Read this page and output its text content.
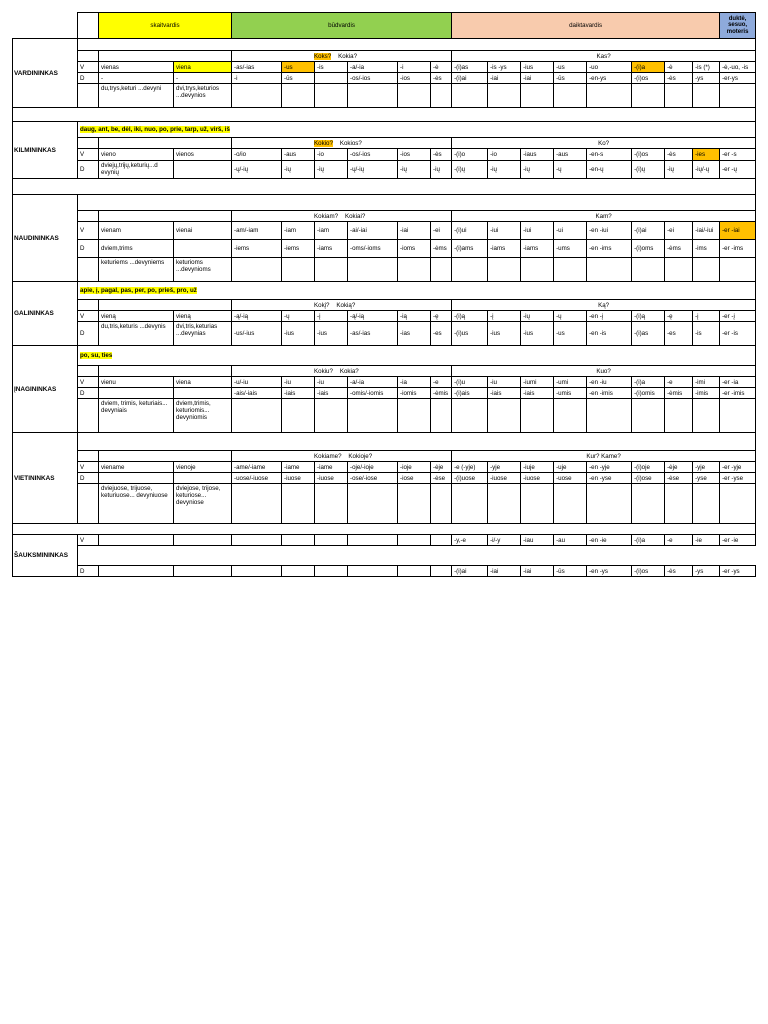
		skaitvardis		būdvardis						daiktavardis								duktė, sesuo, moteris	
VARDININKAS																			
				Koks? Kokia?						Kas?									
	V	vienas	viena	-as/-ias	-us	-is	-a/-ia	-i	-ė	-(i)as	-is -ys	-ius	-us	-uo	-(i)a	-ė	-is (*)	-ė,-uo, -is	
	D	-	-	-i	-ūs		-os/-ios	-ios	-ės	-(i)ai	-iai	-iai	-ūs	-en-ys	-(i)os	-ės	-ys	-er-ys	
		du,trys,keturi ...devyni	dvi,trys,keturios ...devynios																

KILMININKAS	daug, ant, be, dėl, iki, nuo, po, prie, tarp, už, virš, iš																		
				Kokio? Kokios?						Ko?									
	V	vieno	vienos	-o/io	-aus	-io	-os/-ios	-ios	-ės	-(i)o	-io	-iaus	-aus	-en-s	-(i)os	-ės	-ies	-er -s	
	D	dviejų,trijų,keturių...d evynių		-ų/-ių	-ių	-ių	-ų/-ių	-ių	-ių	-(i)ų	-ių	-ių	-ų	-en-ų	-(i)ų	-ių	-ių/-ų	-er -ų	

NAUDININKAS																			
				Kokiam? Kokiai?						Kam?									
	V	vienam	vienai	-am/-iam	-iam	-iam	-ai/-iai	-iai	-ei	-(i)ui	-iui	-iui	-ui	-en -iui	-(i)ai	-ei	-iai/-iui	-er -iai	
	D	dviem,trims		-iems	-iems	-iams	-oms/-ioms	-ioms	-ėms	-(i)ams	-iams	-iams	-ums	-en -ims	-(i)oms	-ėms	-ims	-er -ims	
		keturiems ...devyniems	keturioms ...devynioms																
GALININKAS	apie, į, pagal, pas, per, po, prieš, pro, už																		
				Kokį? Kokią?						Ką?									
	V	vieną	vieną	-ą/-ią	-ų	-į	-ą/-ią	-ią	-ę	-(i)ą	-į	-ių	-ų	-en -į	-(i)ą	-ę	-į	-er -į	
	D	du,tris,keturis ...devynis	dvi,tris,keturias ...devynias	-us/-ius	-ius	-ius	-as/-ias	-ias	-es	-(i)us	-ius	-ius	-us	-en -is	-(i)as	-es	-is	-er -is	
ĮNAGININKAS	po, su, ties																		
				Kokiu? Kokia?						Kuo?									
	V	vienu	viena	-u/-iu	-iu	-iu	-a/-ia	-ia	-e	-(i)u	-iu	-iumi	-umi	-en -iu	-(i)a	-e	-imi	-er -ia	
	D			-ais/-iais	-iais	-iais	-omis/-iomis	-iomis	-ėmis	-(i)ais	-iais	-iais	-umis	-en -imis	-(i)omis	-ėmis	-imis	-er -imis	
		dviem, trimis, keturiais... devyniais	dviem,trimis, keturiomis... devyniomis																
VIETININKAS																			
				Kokiame? Kokioje?						Kur? Kame?									
	V	viename	vienoje	-ame/-iame	-iame	-iame	-oje/-ioje	-ioje	-ėje	-e (-yje)	-yje	-iuje	-uje	-en -yje	-(i)oje	-ėje	-yje	-er -yje	
	D			-uose/-iuose	-iuose	-iuose	-ose/-iose	-iose	-ėse	-(i)uose	-iuose	-iuose	-uose	-en -yse	-(i)ose	-ėse	-yse	-er -yse	
		dviejuose, trijuose, keturiuose... devyniuose	dviejose, trijose, keturiose... devyniose																

ŠAUKSMININKAS	V									-y,-e	-i/-y	-iau	-au	-en -ie	-(i)a	-e	-ie	-er -ie	

	D									-(i)ai	-iai	-iai	-ūs	-en -ys	-(i)os	-ės	-ys	-er -ys	
